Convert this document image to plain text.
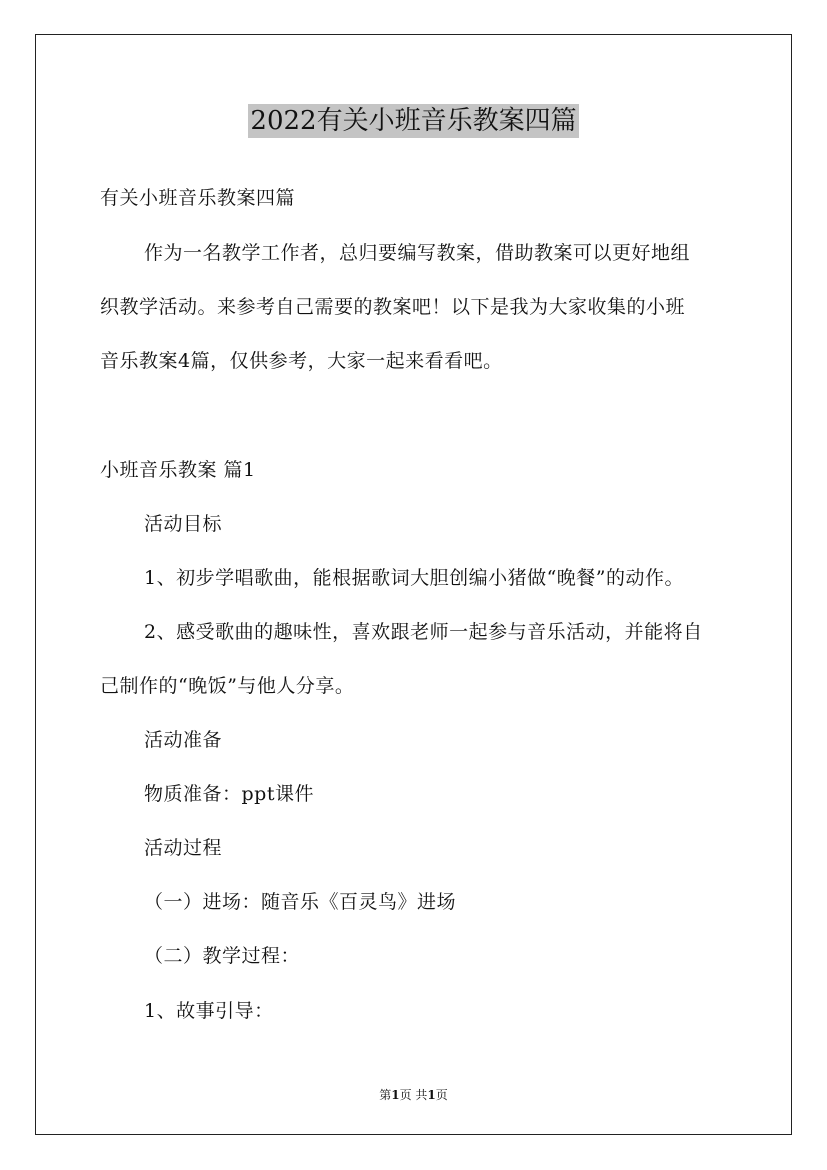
2022有关小班音乐教案四篇
有关小班音乐教案四篇
作为一名教学工作者，总归要编写教案，借助教案可以更好地组
织教学活动。来参考自己需要的教案吧！以下是我为大家收集的小班
音乐教案4篇，仅供参考，大家一起来看看吧。
小班音乐教案 篇1
活动目标
1、初步学唱歌曲，能根据歌词大胆创编小猪做“晚餐”的动作。
2、感受歌曲的趣味性，喜欢跟老师一起参与音乐活动，并能将自
己制作的“晚饭”与他人分享。
活动准备
物质准备：ppt课件
活动过程
（一）进场：随音乐《百灵鸟》进场
（二）教学过程：
1、故事引导：
第1页 共1页
